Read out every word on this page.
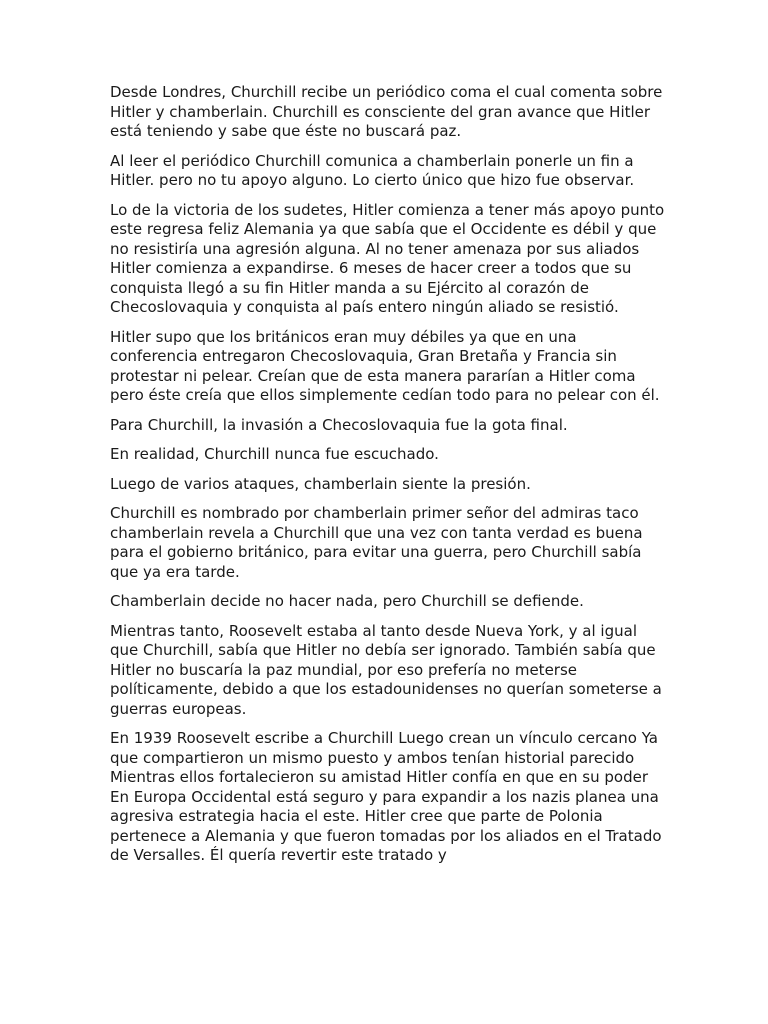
Desde Londres, Churchill recibe un periódico coma el cual comenta sobre Hitler y chamberlain. Churchill es consciente del gran avance que Hitler está teniendo y sabe que éste no buscará paz.

Al leer el periódico Churchill comunica a chamberlain ponerle un fin a Hitler. pero no tu apoyo alguno. Lo cierto único que hizo fue observar.

Lo de la victoria de los sudetes, Hitler comienza a tener más apoyo punto este regresa feliz Alemania ya que sabía que el Occidente es débil y que no resistiría una agresión alguna. Al no tener amenaza por sus aliados Hitler comienza a expandirse. 6 meses de hacer creer a todos que su conquista llegó a su fin Hitler manda a su Ejército al corazón de Checoslovaquia y conquista al país entero ningún aliado se resistió.

Hitler supo que los británicos eran muy débiles ya que en una conferencia entregaron Checoslovaquia, Gran Bretaña y Francia sin protestar ni pelear. Creían que de esta manera pararían a Hitler coma pero éste creía que ellos simplemente cedían todo para no pelear con él.

Para Churchill, la invasión a Checoslovaquia fue la gota final.

En realidad, Churchill nunca fue escuchado.

Luego de varios ataques, chamberlain siente la presión.

Churchill es nombrado por chamberlain primer señor del admiras taco chamberlain revela a Churchill que una vez con tanta verdad es buena para el gobierno británico, para evitar una guerra, pero Churchill sabía que ya era tarde.

Chamberlain decide no hacer nada, pero Churchill se defiende.

Mientras tanto, Roosevelt estaba al tanto desde Nueva York, y al igual que Churchill, sabía que Hitler no debía ser ignorado. También sabía que Hitler no buscaría la paz mundial, por eso prefería no meterse políticamente, debido a que los estadounidenses no querían someterse a guerras europeas.

En 1939 Roosevelt escribe a Churchill Luego crean un vínculo cercano Ya que compartieron un mismo puesto y ambos tenían historial parecido Mientras ellos fortalecieron su amistad Hitler confía en que en su poder En Europa Occidental está seguro y para expandir a los nazis planea una agresiva estrategia hacia el este. Hitler cree que parte de Polonia pertenece a Alemania y que fueron tomadas por los aliados en el Tratado de Versalles. Él quería revertir este tratado y
